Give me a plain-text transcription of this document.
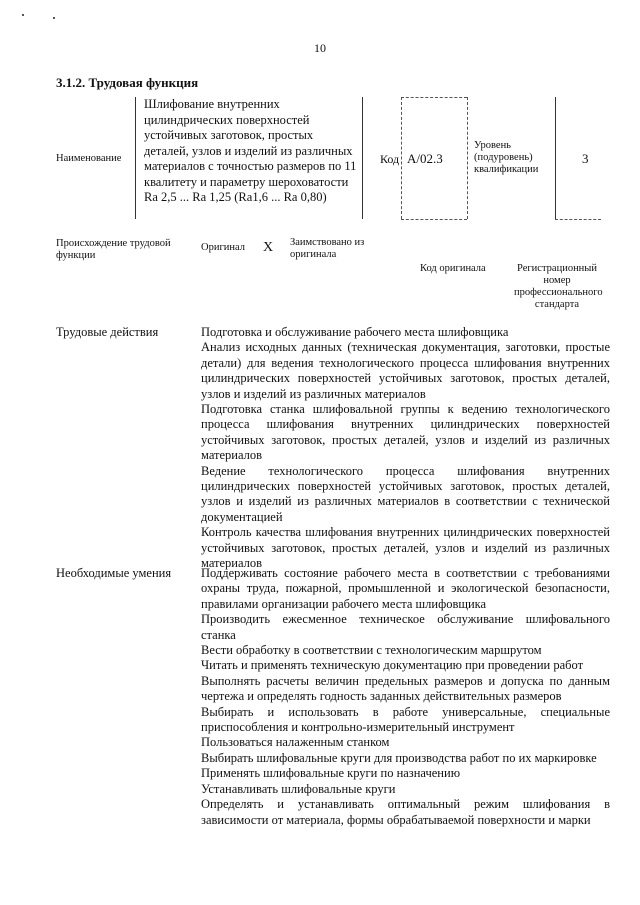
10
3.1.2. Трудовая функция
Наименование
Шлифование внутренних цилиндрических поверхностей устойчивых заготовок, простых деталей, узлов и изделий из различных материалов с точностью размеров по 11 квалитету и параметру шероховатости Ra 2,5 ... Ra 1,25 (Ra1,6 ... Ra 0,80)
Код A/02.3
Уровень (подуровень) квалификации
3
Происхождение трудовой функции
Оригинал X Заимствовано из оригинала
Код оригинала	Регистрационный номер профессионального стандарта
Трудовые действия	Подготовка и обслуживание рабочего места шлифовщика

Анализ исходных данных (техническая документация, заготовки, простые детали) для ведения технологического процесса шлифования внутренних цилиндрических поверхностей устойчивых заготовок, простых деталей, узлов и изделий из различных материалов

Подготовка станка шлифовальной группы к ведению технологического процесса шлифования внутренних цилиндрических поверхностей устойчивых заготовок, простых деталей, узлов и изделий из различных материалов

Ведение технологического процесса шлифования внутренних цилиндрических поверхностей устойчивых заготовок, простых деталей, узлов и изделий из различных материалов в соответствии с технической документацией

Контроль качества шлифования внутренних цилиндрических поверхностей устойчивых заготовок, простых деталей, узлов и изделий из различных материалов

Необходимые умения Поддерживать состояние рабочего места в соответствии с требованиями охраны труда, пожарной, промышленной и экологической безопасности, правилами организации рабочего места шлифовщика

Производить ежесменное техническое обслуживание шлифовального станка

Вести обработку в соответствии с технологическим маршрутом

Читать и применять техническую документацию при проведении работ

Выполнять расчеты величин предельных размеров и допуска по данным чертежа и определять годность заданных действительных размеров

Выбирать и использовать в работе универсальные, специальные приспособления и контрольно-измерительный инструмент

Пользоваться налаженным станком

Выбирать шлифовальные круги для производства работ по их маркировке

Применять шлифовальные круги по назначению

Устанавливать шлифовальные круги

Определять и устанавливать оптимальный режим шлифования в зависимости от материала, формы обрабатываемой поверхности и марки
